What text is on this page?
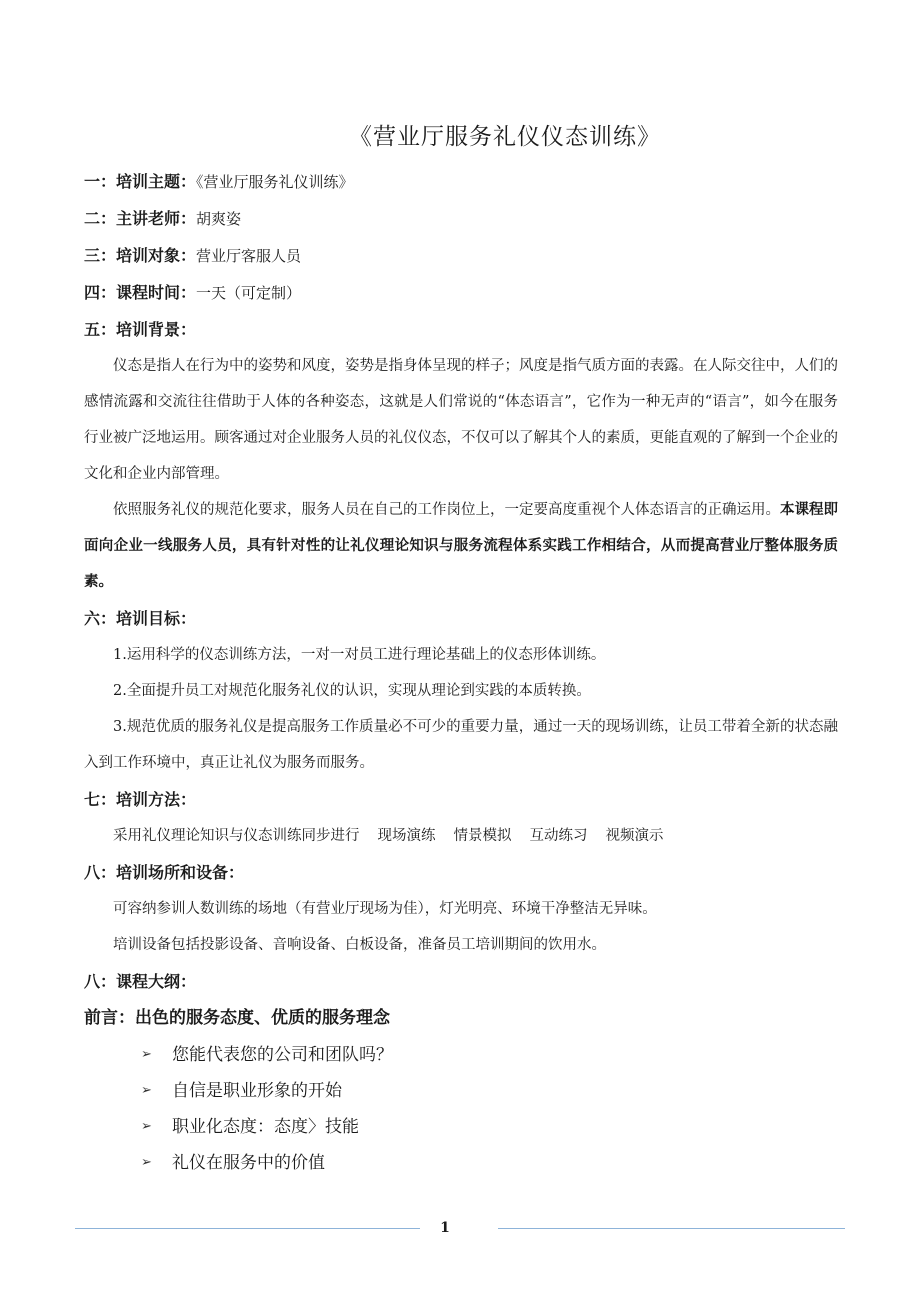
《营业厅服务礼仪仪态训练》
一：培训主题：《营业厅服务礼仪训练》
二：主讲老师：胡爽姿
三：培训对象：营业厅客服人员
四：课程时间：一天（可定制）
五：培训背景：

仪态是指人在行为中的姿势和风度，姿势是指身体呈现的样子；风度是指气质方面的表露。在人际交往中，人们的感情流露和交流往往借助于人体的各种姿态，这就是人们常说的“体态语言”，它作为一种无声的“语言”，如今在服务行业被广泛地运用。顾客通过对企业服务人员的礼仪仪态，不仅可以了解其个人的素质，更能直观的了解到一个企业的文化和企业内部管理。

依照服务礼仪的规范化要求，服务人员在自己的工作岗位上，一定要高度重视个人体态语言的正确运用。本课程即面向企业一线服务人员，具有针对性的让礼仪理论知识与服务流程体系实践工作相结合，从而提高营业厅整体服务质素。

六：培训目标：

1.运用科学的仪态训练方法，一对一对员工进行理论基础上的仪态形体训练。

2.全面提升员工对规范化服务礼仪的认识，实现从理论到实践的本质转换。

3.规范优质的服务礼仪是提高服务工作质量必不可少的重要力量，通过一天的现场训练，让员工带着全新的状态融入到工作环境中，真正让礼仪为服务而服务。

七：培训方法：
采用礼仪理论知识与仪态训练同步进行 现场演练 情景模拟 互动练习 视频演示
八：培训场所和设备：

可容纳参训人数训练的场地（有营业厅现场为佳），灯光明亮、环境干净整洁无异味。

培训设备包括投影设备、音响设备、白板设备，准备员工培训期间的饮用水。

八：课程大纲：
前言：出色的服务态度、优质的服务理念
➢ 您能代表您的公司和团队吗？
➢ 自信是职业形象的开始
➢ 职业化态度：态度〉技能
➢ 礼仪在服务中的价值
1
